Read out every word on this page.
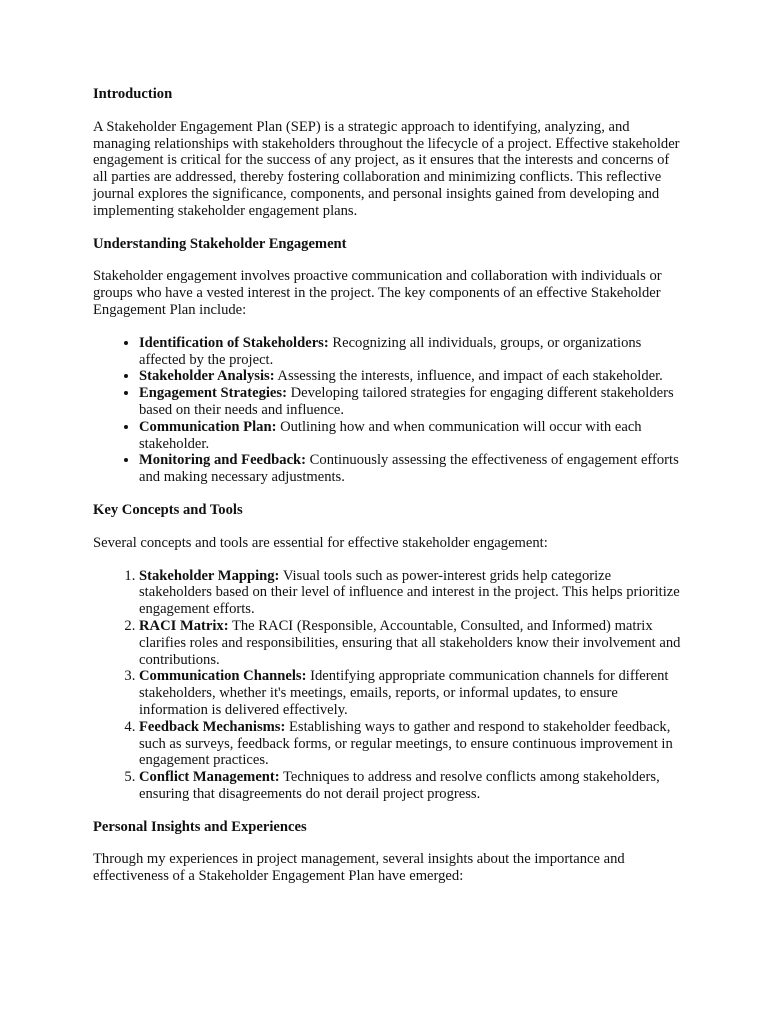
Introduction

A Stakeholder Engagement Plan (SEP) is a strategic approach to identifying, analyzing, and managing relationships with stakeholders throughout the lifecycle of a project. Effective stakeholder engagement is critical for the success of any project, as it ensures that the interests and concerns of all parties are addressed, thereby fostering collaboration and minimizing conflicts. This reflective journal explores the significance, components, and personal insights gained from developing and implementing stakeholder engagement plans.

Understanding Stakeholder Engagement

Stakeholder engagement involves proactive communication and collaboration with individuals or groups who have a vested interest in the project. The key components of an effective Stakeholder Engagement Plan include:

• Identification of Stakeholders: Recognizing all individuals, groups, or organizations affected by the project.
• Stakeholder Analysis: Assessing the interests, influence, and impact of each stakeholder.
• Engagement Strategies: Developing tailored strategies for engaging different stakeholders based on their needs and influence.
• Communication Plan: Outlining how and when communication will occur with each stakeholder.
• Monitoring and Feedback: Continuously assessing the effectiveness of engagement efforts and making necessary adjustments.
Key Concepts and Tools

Several concepts and tools are essential for effective stakeholder engagement:

1. Stakeholder Mapping: Visual tools such as power-interest grids help categorize stakeholders based on their level of influence and interest in the project. This helps prioritize engagement efforts.
2. RACI Matrix: The RACI (Responsible, Accountable, Consulted, and Informed) matrix clarifies roles and responsibilities, ensuring that all stakeholders know their involvement and contributions.
3. Communication Channels: Identifying appropriate communication channels for different stakeholders, whether it's meetings, emails, reports, or informal updates, to ensure information is delivered effectively.
4. Feedback Mechanisms: Establishing ways to gather and respond to stakeholder feedback, such as surveys, feedback forms, or regular meetings, to ensure continuous improvement in engagement practices.
5. Conflict Management: Techniques to address and resolve conflicts among stakeholders, ensuring that disagreements do not derail project progress.
Personal Insights and Experiences

Through my experiences in project management, several insights about the importance and effectiveness of a Stakeholder Engagement Plan have emerged:
